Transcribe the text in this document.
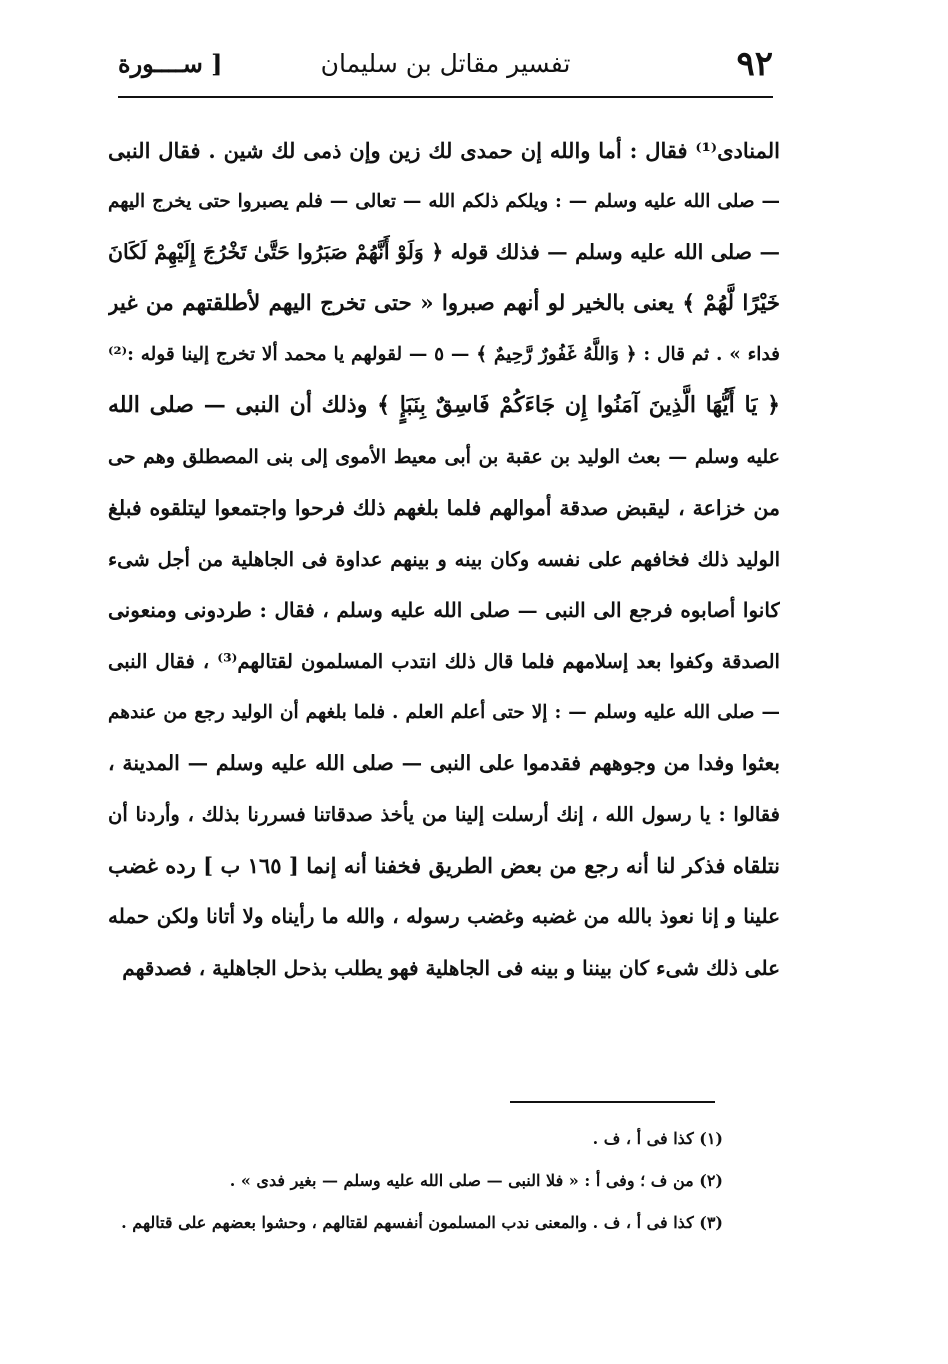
٩٢
تفسير مقاتل بن سليمان
[ ســــورة
المنادى⁽¹⁾ فقال : أما والله إن حمدى لك زين وإن ذمى لك شين . فقال النبى
— صلى الله عليه وسلم — : ويلكم ذلكم الله — تعالى — فلم يصبروا حتى يخرج اليهم
— صلى الله عليه وسلم — فذلك قوله ﴿ وَلَوْ أَنَّهُمْ صَبَرُوا حَتَّىٰ تَخْرُجَ إِلَيْهِمْ لَكَانَ
خَيْرًا لَّهُمْ ﴾ يعنى بالخير لو أنهم صبروا « حتى تخرج اليهم لأطلقتهم من غير
فداء » . ثم قال : ﴿ وَاللَّهُ غَفُورٌ رَّحِيمٌ ﴾ — ٥ — لقولهم يا محمد ألا تخرج إلينا قوله :⁽²⁾
﴿ يَا أَيُّهَا الَّذِينَ آمَنُوا إِن جَاءَكُمْ فَاسِقٌ بِنَبَإٍ ﴾ وذلك أن النبى — صلى الله
عليه وسلم — بعث الوليد بن عقبة بن أبى معيط الأموى إلى بنى المصطلق وهم حى
من خزاعة ، ليقبض صدقة أموالهم فلما بلغهم ذلك فرحوا واجتمعوا ليتلقوه فبلغ
الوليد ذلك فخافهم على نفسه وكان بينه و بينهم عداوة فى الجاهلية من أجل شىء
كانوا أصابوه فرجع الى النبى — صلى الله عليه وسلم ، فقال : طردونى ومنعونى
الصدقة وكفوا بعد إسلامهم فلما قال ذلك انتدب المسلمون لقتالهم⁽³⁾ ، فقال النبى
— صلى الله عليه وسلم — : إلا حتى أعلم العلم . فلما بلغهم أن الوليد رجع من عندهم
بعثوا وفدا من وجوههم فقدموا على النبى — صلى الله عليه وسلم — المدينة ،
فقالوا : يا رسول الله ، إنك أرسلت إلينا من يأخذ صدقاتنا فسررنا بذلك ، وأردنا أن
نتلقاه فذكر لنا أنه رجع من بعض الطريق فخفنا أنه إنما [ ١٦٥ ب ] رده غضب
علينا و إنا نعوذ بالله من غضبه وغضب رسوله ، والله ما رأيناه ولا أتانا ولكن حمله
على ذلك شىء كان بيننا و بينه فى الجاهلية فهو يطلب بذحل الجاهلية ، فصدقهم
(١) كذا فى أ ، ف .
(٢) من ف ؛ وفى أ : « فلا النبى — صلى الله عليه وسلم — بغير فدى » .
(٣) كذا فى أ ، ف . والمعنى ندب المسلمون أنفسهم لقتالهم ، وحشوا بعضهم على قتالهم .
